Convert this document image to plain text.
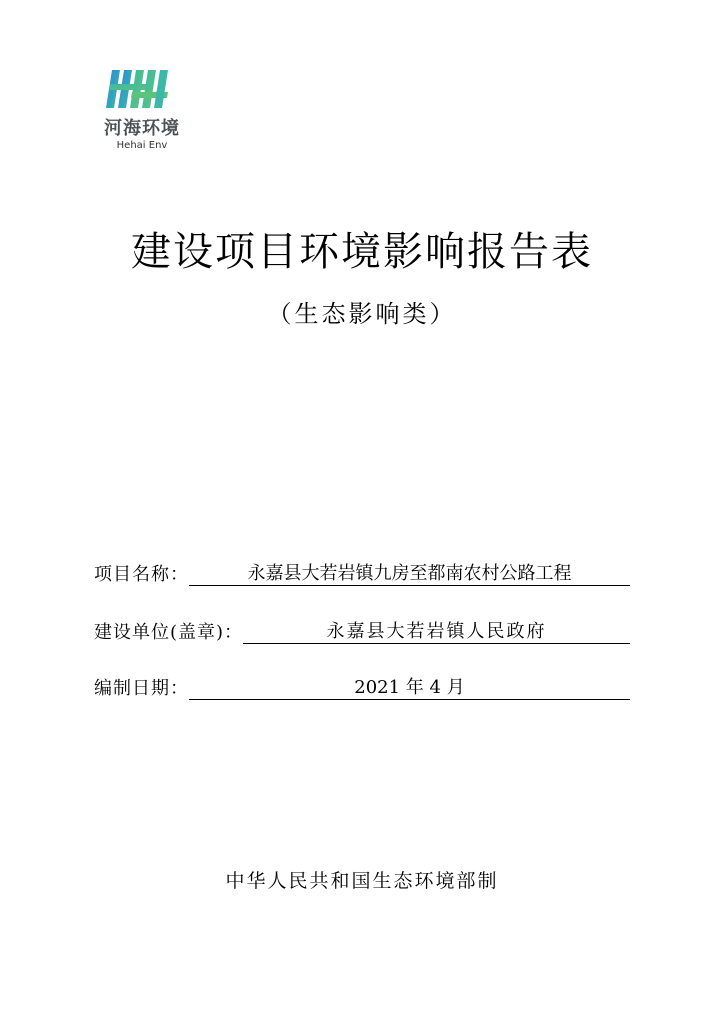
河海环境
Hehai Env
建设项目环境影响报告表
（生态影响类）
项目名称：	永嘉县大若岩镇九房至都南农村公路工程
建设单位(盖章)：	永嘉县大若岩镇人民政府
编制日期：	2021 年 4 月
中华人民共和国生态环境部制
